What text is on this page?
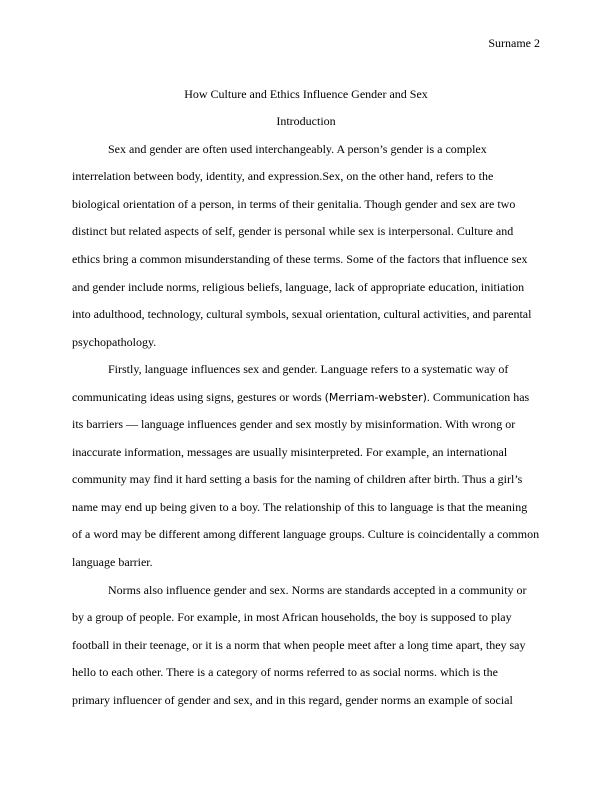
Surname 2
How Culture and Ethics Influence Gender and Sex
Introduction
Sex and gender are often used interchangeably. A person’s gender is a complex
interrelation between body, identity, and expression.Sex, on the other hand, refers to the
biological orientation of a person, in terms of their genitalia. Though gender and sex are two
distinct but related aspects of self, gender is personal while sex is interpersonal. Culture and
ethics bring a common misunderstanding of these terms. Some of the factors that influence sex
and gender include norms, religious beliefs, language, lack of appropriate education, initiation
into adulthood, technology, cultural symbols, sexual orientation, cultural activities, and parental
psychopathology.
Firstly, language influences sex and gender. Language refers to a systematic way of
communicating ideas using signs, gestures or words (Merriam-webster). Communication has
its barriers — language influences gender and sex mostly by misinformation. With wrong or
inaccurate information, messages are usually misinterpreted. For example, an international
community may find it hard setting a basis for the naming of children after birth. Thus a girl’s
name may end up being given to a boy. The relationship of this to language is that the meaning
of a word may be different among different language groups. Culture is coincidentally a common
language barrier.
Norms also influence gender and sex. Norms are standards accepted in a community or
by a group of people. For example, in most African households, the boy is supposed to play
football in their teenage, or it is a norm that when people meet after a long time apart, they say
hello to each other. There is a category of norms referred to as social norms. which is the
primary influencer of gender and sex, and in this regard, gender norms an example of social
